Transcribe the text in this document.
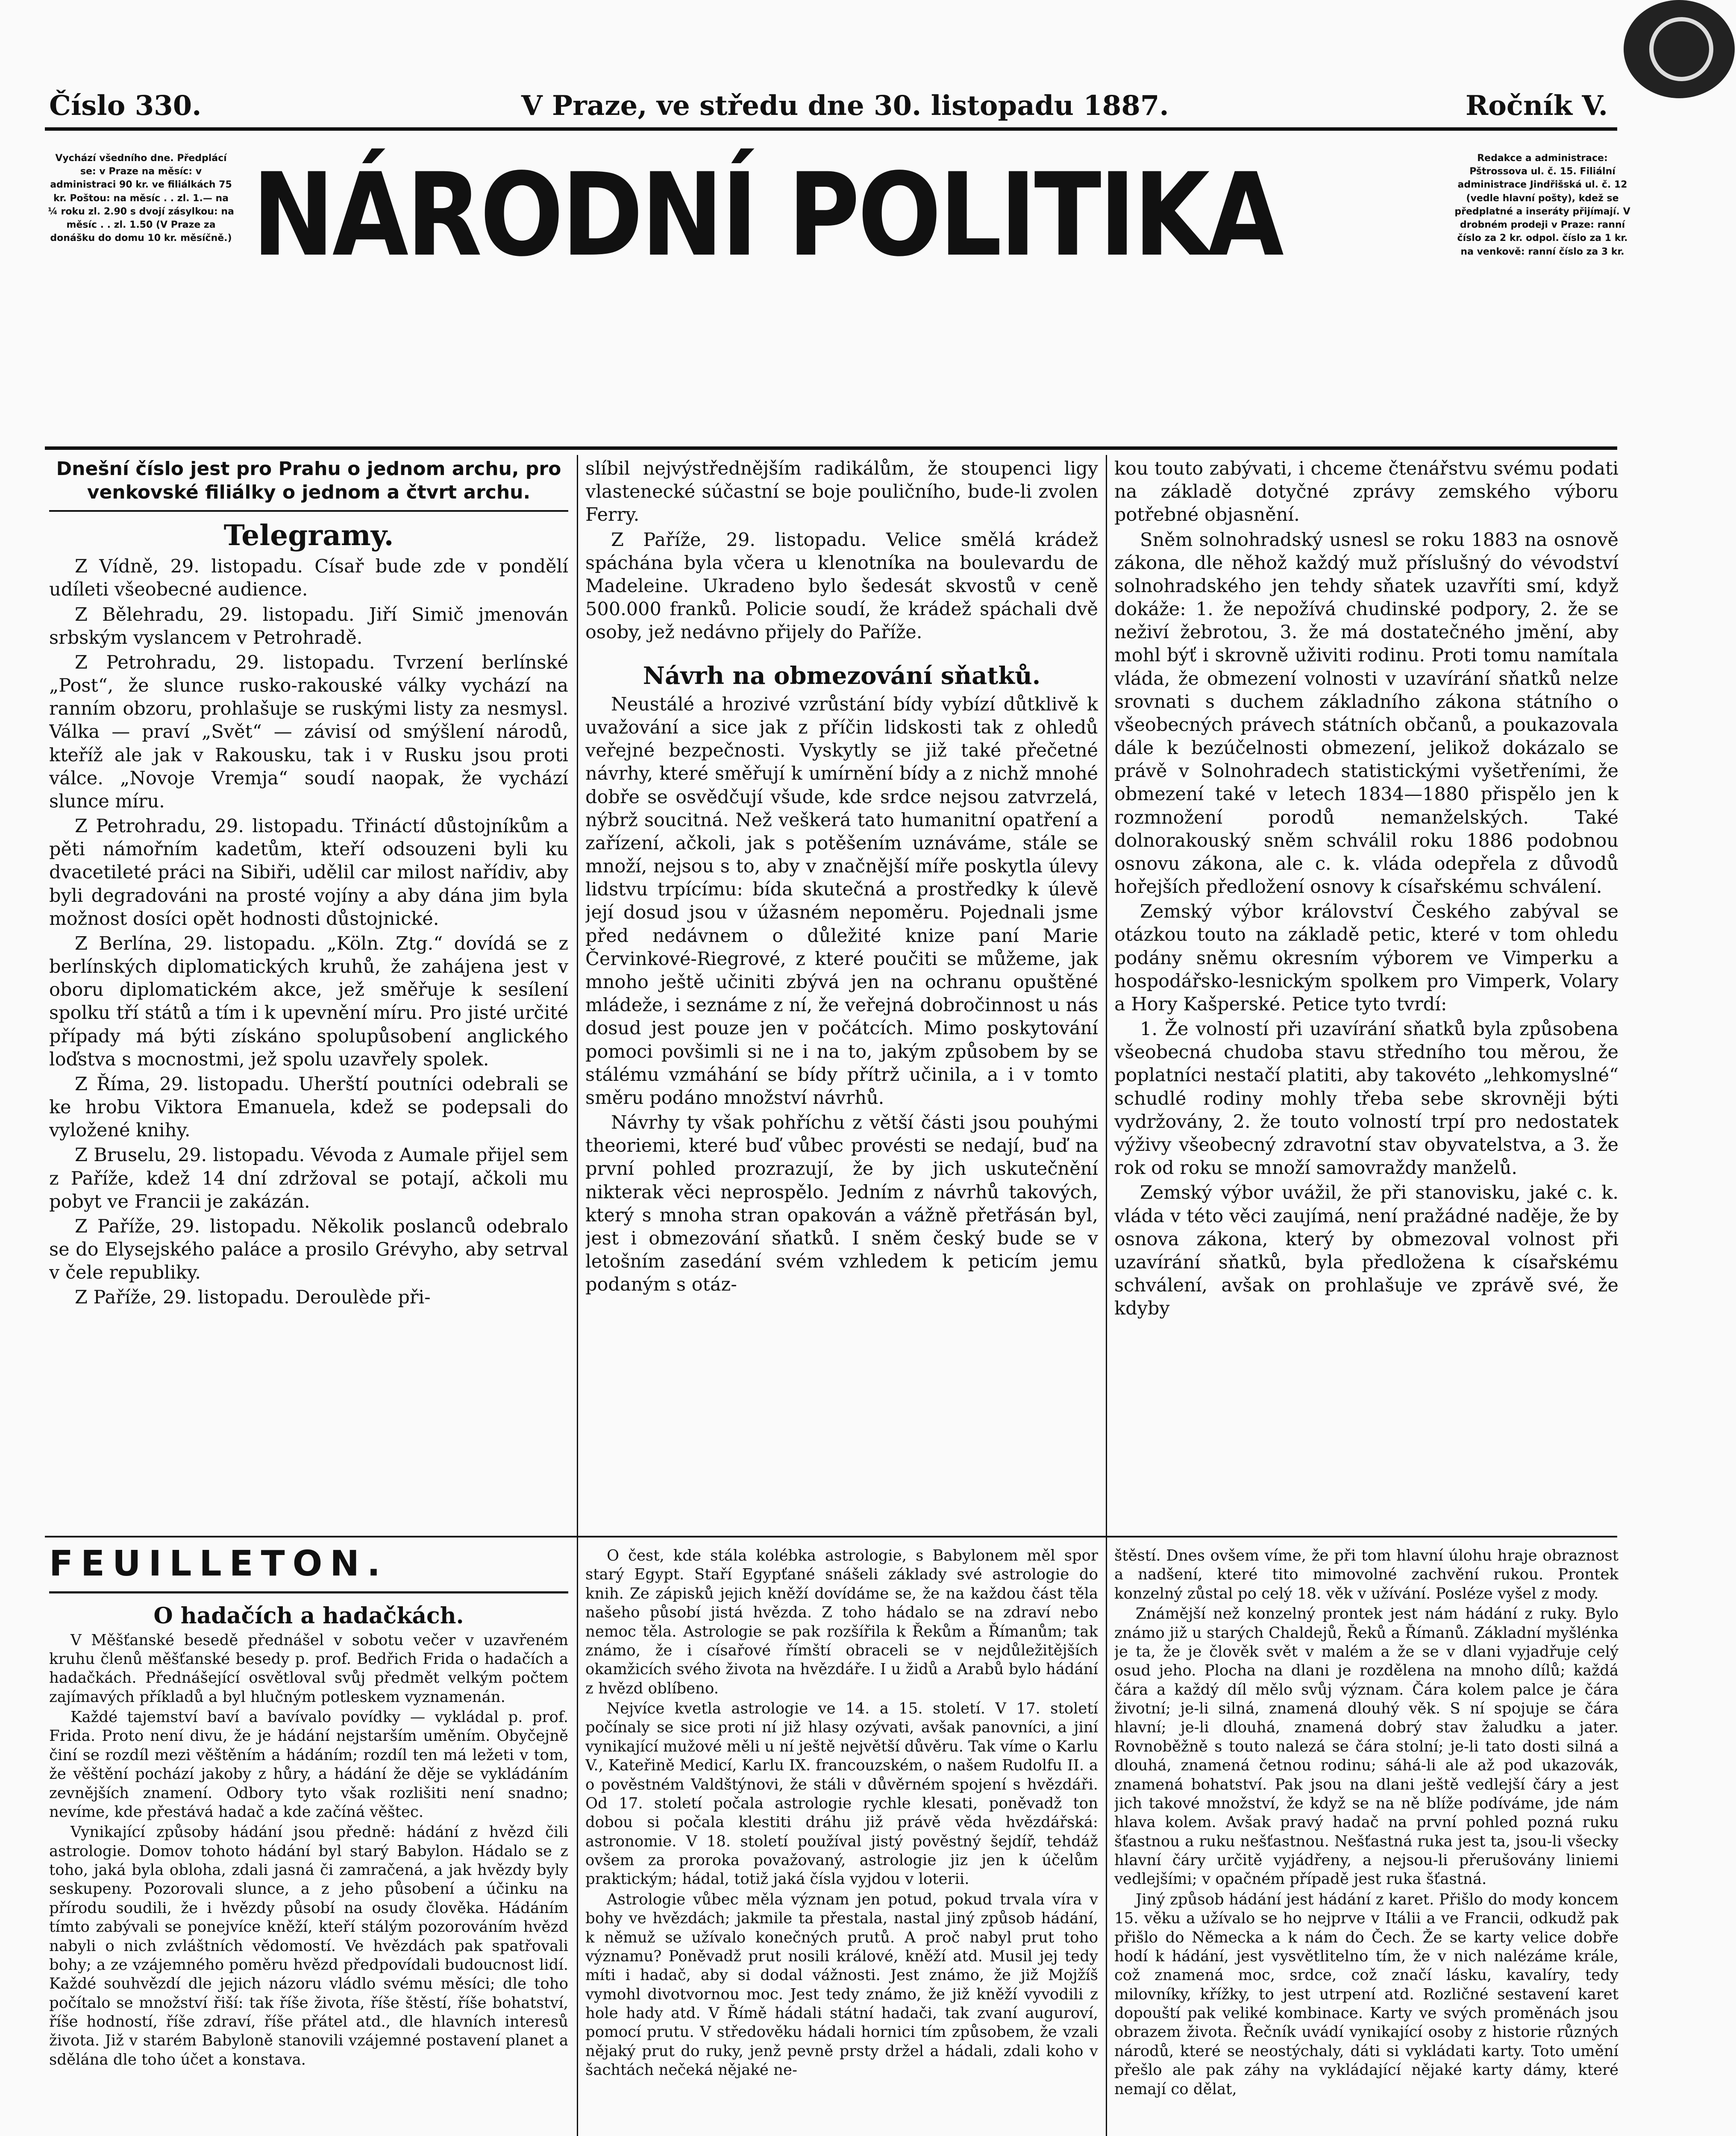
Číslo 330.	V Praze, ve středu dne 30. listopadu 1887.	Ročník V.
Vychází všedního dne. Předplácí se: v Praze na měsíc: v administraci 90 kr. ve filiálkách 75 kr. Poštou: na měsíc . . zl. 1.— na ¼ roku zl. 2.90 s dvojí zásylkou: na měsíc . . zl. 1.50 (V Praze za donášku do domu 10 kr. měsíčně.)
Redakce a administrace: Pštrossova ul. č. 15. Filiální administrace Jindřišská ul. č. 12 (vedle hlavní pošty), kdež se předplatné a inseráty přijímají. V drobném prodeji v Praze: ranní číslo za 2 kr. odpol. číslo za 1 kr. na venkově: ranní číslo za 3 kr.
NÁRODNÍ POLITIKA
Dnešní číslo jest pro Prahu o jednom archu, pro venkovské filiálky o jednom a čtvrt archu.

Telegramy.

Z Vídně, 29. listopadu. Císař bude zde v pondělí udíleti všeobecné audience.

Z Bělehradu, 29. listopadu. Jiří Simič jmenován srbským vyslancem v Petrohradě.

Z Petrohradu, 29. listopadu. Tvrzení berlínské „Post“, že slunce rusko-rakouské války vychází na ranním obzoru, prohlašuje se ruskými listy za nesmysl. Válka — praví „Svět“ — závisí od smýšlení národů, kteříž ale jak v Rakousku, tak i v Rusku jsou proti válce. „Novoje Vremja“ soudí naopak, že vychází slunce míru.

Z Petrohradu, 29. listopadu. Třináctí důstojníkům a pěti námořním kadetům, kteří odsouzeni byli ku dvacetileté práci na Sibiři, udělil car milost nařídiv, aby byli degradováni na prosté vojíny a aby dána jim byla možnost dosíci opět hodnosti důstojnické.

Z Berlína, 29. listopadu. „Köln. Ztg.“ dovídá se z berlínských diplomatických kruhů, že zahájena jest v oboru diplomatickém akce, jež směřuje k sesílení spolku tří států a tím i k upevnění míru. Pro jisté určité případy má býti získáno spolupůsobení anglického loďstva s mocnostmi, jež spolu uzavřely spolek.

Z Říma, 29. listopadu. Uherští poutníci odebrali se ke hrobu Viktora Emanuela, kdež se podepsali do vyložené knihy.

Z Bruselu, 29. listopadu. Vévoda z Aumale přijel sem z Paříže, kdež 14 dní zdržoval se potají, ačkoli mu pobyt ve Francii je zakázán.

Z Paříže, 29. listopadu. Několik poslanců odebralo se do Elysejského paláce a prosilo Grévyho, aby setrval v čele republiky.

Z Paříže, 29. listopadu. Deroulède při-

slíbil nejvýstřednějším radikálům, že stoupenci ligy vlastenecké súčastní se boje pouličního, bude-li zvolen Ferry.

Z Paříže, 29. listopadu. Velice smělá krádež spáchána byla včera u klenotníka na boulevardu de Madeleine. Ukradeno bylo šedesát skvostů v ceně 500.000 franků. Policie soudí, že krádež spáchali dvě osoby, jež nedávno přijely do Paříže.

Návrh na obmezování sňatků.

Neustálé a hrozivé vzrůstání bídy vybízí důtklivě k uvažování a sice jak z příčin lidskosti tak z ohledů veřejné bezpečnosti. Vyskytly se již také přečetné návrhy, které směřují k umírnění bídy a z nichž mnohé dobře se osvědčují všude, kde srdce nejsou zatvrzelá, nýbrž soucitná. Než veškerá tato humanitní opatření a zařízení, ačkoli, jak s potěšením uznáváme, stále se množí, nejsou s to, aby v značnější míře poskytla úlevy lidstvu trpícímu: bída skutečná a prostředky k úlevě její dosud jsou v úžasném nepoměru. Pojednali jsme před nedávnem o důležité knize paní Marie Červinkové-Riegrové, z které poučiti se můžeme, jak mnoho ještě učiniti zbývá jen na ochranu opuštěné mládeže, i seznáme z ní, že veřejná dobročinnost u nás dosud jest pouze jen v počátcích. Mimo poskytování pomoci povšimli si ne i na to, jakým způsobem by se stálému vzmáhání se bídy přítrž učinila, a i v tomto směru podáno množství návrhů.

Návrhy ty však pohříchu z větší části jsou pouhými theoriemi, které buď vůbec provésti se nedají, buď na první pohled prozrazují, že by jich uskutečnění nikterak věci neprospělo. Jedním z návrhů takových, který s mnoha stran opakován a vážně přetřásán byl, jest i obmezování sňatků. I sněm český bude se v letošním zasedání svém vzhledem k peticím jemu podaným s otáz-

kou touto zabývati, i chceme čtenářstvu svému podati na základě dotyčné zprávy zemského výboru potřebné objasnění.

Sněm solnohradský usnesl se roku 1883 na osnově zákona, dle něhož každý muž příslušný do vévodství solnohradského jen tehdy sňatek uzavříti smí, když dokáže: 1. že nepožívá chudinské podpory, 2. že se neživí žebrotou, 3. že má dostatečného jmění, aby mohl býť i skrovně uživiti rodinu. Proti tomu namítala vláda, že obmezení volnosti v uzavírání sňatků nelze srovnati s duchem základního zákona státního o všeobecných právech státních občanů, a poukazovala dále k bezúčelnosti obmezení, jelikož dokázalo se právě v Solnohradech statistickými vyšetřeními, že obmezení také v letech 1834—1880 přispělo jen k rozmnožení porodů nemanželských. Také dolnorakouský sněm schválil roku 1886 podobnou osnovu zákona, ale c. k. vláda odepřela z důvodů hořejších předložení osnovy k císařskému schválení.

Zemský výbor království Českého zabýval se otázkou touto na základě petic, které v tom ohledu podány sněmu okresním výborem ve Vimperku a hospodářsko-lesnickým spolkem pro Vimperk, Volary a Hory Kašperské. Petice tyto tvrdí:

1. Že volností při uzavírání sňatků byla způsobena všeobecná chudoba stavu středního tou měrou, že poplatníci nestačí platiti, aby takovéto „lehkomyslné“ schudlé rodiny mohly třeba sebe skrovněji býti vydržovány, 2. že touto volností trpí pro nedostatek výživy všeobecný zdravotní stav obyvatelstva, a 3. že rok od roku se množí samovraždy manželů.

Zemský výbor uvážil, že při stanovisku, jaké c. k. vláda v této věci zaujímá, není pražádné naděje, že by osnova zákona, který by obmezoval volnost při uzavírání sňatků, byla předložena k císařskému schválení, avšak on prohlašuje ve zprávě své, že kdyby

FEUILLETON.

O hadačích a hadačkách.

V Měšťanské besedě přednášel v sobotu večer v uzavřeném kruhu členů měšťanské besedy p. prof. Bedřich Frida o hadačích a hadačkách. Přednášející osvětloval svůj předmět velkým počtem zajímavých příkladů a byl hlučným potleskem vyznamenán.

Každé tajemství baví a bavívalo povídky — vykládal p. prof. Frida. Proto není divu, že je hádání nejstarším uměním. Obyčejně činí se rozdíl mezi věštěním a hádáním; rozdíl ten má ležeti v tom, že věštění pochází jakoby z hůry, a hádání že děje se vykládáním zevnějších znamení. Odbory tyto však rozlišiti není snadno; nevíme, kde přestává hadač a kde začíná věštec.

Vynikající způsoby hádání jsou předně: hádání z hvězd čili astrologie. Domov tohoto hádání byl starý Babylon. Hádalo se z toho, jaká byla obloha, zdali jasná či zamračená, a jak hvězdy byly seskupeny. Pozorovali slunce, a z jeho působení a účinku na přírodu soudili, že i hvězdy působí na osudy člověka. Hádáním tímto zabývali se ponejvíce kněží, kteří stálým pozorováním hvězd nabyli o nich zvláštních vědomostí. Ve hvězdách pak spatřovali bohy; a ze vzájemného poměru hvězd předpovídali budoucnost lidí. Každé souhvězdí dle jejich názoru vládlo svému měsíci; dle toho počítalo se množství řiší: tak říše života, říše štěstí, říše bohatství, říše hodností, říše zdraví, říše přátel atd., dle hlavních interesů života. Již v starém Babyloně stanovili vzájemné postavení planet a sdělána dle toho účet a konstava.

O čest, kde stála kolébka astrologie, s Babylonem měl spor starý Egypt. Staří Egypťané snášeli základy své astrologie do knih. Ze zápisků jejich kněží dovídáme se, že na každou část těla našeho působí jistá hvězda. Z toho hádalo se na zdraví nebo nemoc těla. Astrologie se pak rozšířila k Řekům a Římanům; tak známo, že i císařové římští obraceli se v nejdůležitějších okamžicích svého života na hvězdáře. I u židů a Arabů bylo hádání z hvězd oblíbeno.

Nejvíce kvetla astrologie ve 14. a 15. století. V 17. století počínaly se sice proti ní již hlasy ozývati, avšak panovníci, a jiní vynikající mužové měli u ní ještě největší důvěru. Tak víme o Karlu V., Kateřině Medicí, Karlu IX. francouzském, o našem Rudolfu II. a o pověstném Valdštýnovi, že stáli v důvěrném spojení s hvězdáři. Od 17. století počala astrologie rychle klesati, poněvadž ton dobou si počala klestiti dráhu již právě věda hvězdářská: astronomie. V 18. století používal jistý pověstný šejdíř, tehdáž ovšem za proroka považovaný, astrologie jiz jen k účelům praktickým; hádal, totiž jaká čísla vyjdou v loterii.

Astrologie vůbec měla význam jen potud, pokud trvala víra v bohy ve hvězdách; jakmile ta přestala, nastal jiný způsob hádání, k němuž se užívalo konečných prutů. A proč nabyl prut toho významu? Poněvadž prut nosili králové, kněží atd. Musil jej tedy míti i hadač, aby si dodal vážnosti. Jest známo, že již Mojžíš vymohl divotvornou moc. Jest tedy známo, že již kněží vyvodili z hole hady atd. V Římě hádali státní hadači, tak zvaní auguroví, pomocí prutu. V středověku hádali hornici tím způsobem, že vzali nějaký prut do ruky, jenž pevně prsty držel a hádali, zdali koho v šachtách nečeká nějaké ne-

štěstí. Dnes ovšem víme, že při tom hlavní úlohu hraje obraznost a nadšení, které tito mimovolné zachvění rukou. Prontek konzelný zůstal po celý 18. věk v užívání. Posléze vyšel z mody.

Známější než konzelný prontek jest nám hádání z ruky. Bylo známo již u starých Chaldejů, Řeků a Římanů. Základní myšlénka je ta, že je člověk svět v malém a že se v dlani vyjadřuje celý osud jeho. Plocha na dlani je rozdělena na mnoho dílů; každá čára a každý díl mělo svůj význam. Čára kolem palce je čára životní; je-li silná, znamená dlouhý věk. S ní spojuje se čára hlavní; je-li dlouhá, znamená dobrý stav žaludku a jater. Rovnoběžně s touto nalezá se čára stolní; je-li tato dosti silná a dlouhá, znamená četnou rodinu; sáhá-li ale až pod ukazovák, znamená bohatství. Pak jsou na dlani ještě vedlejší čáry a jest jich takové množství, že když se na ně blíže podíváme, jde nám hlava kolem. Avšak pravý hadač na první pohled pozná ruku šťastnou a ruku nešťastnou. Nešťastná ruka jest ta, jsou-li všecky hlavní čáry určitě vyjádřeny, a nejsou-li přerušovány liniemi vedlejšími; v opačném případě jest ruka šťastná.

Jiný způsob hádání jest hádání z karet. Přišlo do mody koncem 15. věku a užívalo se ho nejprve v Itálii a ve Francii, odkudž pak přišlo do Německa a k nám do Čech. Že se karty velice dobře hodí k hádání, jest vysvětlitelno tím, že v nich nalézáme krále, což znamená moc, srdce, což značí lásku, kavalíry, tedy milovníky, křížky, to jest utrpení atd. Rozličné sestavení karet dopouští pak veliké kombinace. Karty ve svých proměnách jsou obrazem života. Řečník uvádí vynikající osoby z historie různých národů, které se neostýchaly, dáti si vykládati karty. Toto umění přešlo ale pak záhy na vykládající nějaké karty dámy, které nemají co dělat,
